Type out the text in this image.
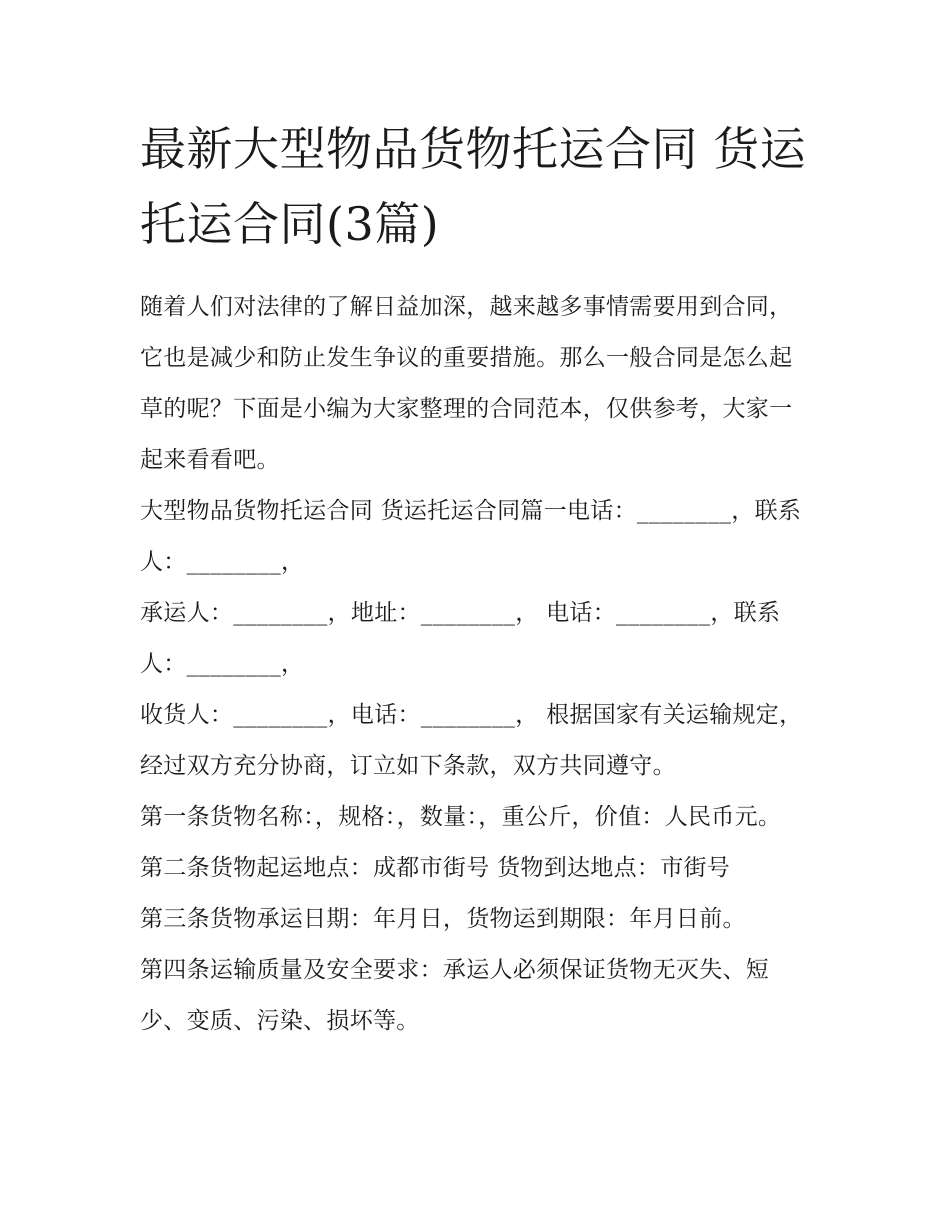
最新大型物品货物托运合同 货运托运合同(3篇)

随着人们对法律的了解日益加深，越来越多事情需要用到合同，它也是减少和防止发生争议的重要措施。那么一般合同是怎么起草的呢？下面是小编为大家整理的合同范本，仅供参考，大家一起来看看吧。

大型物品货物托运合同 货运托运合同篇一电话：________，联系人：________，

承运人：________，地址：________， 电话：________，联系人：________，

收货人：________，电话：________， 根据国家有关运输规定，经过双方充分协商，订立如下条款，双方共同遵守。

第一条货物名称：，规格：，数量：，重公斤，价值：人民币元。 第二条货物起运地点：成都市街号 货物到达地点：市街号

第三条货物承运日期：年月日，货物运到期限：年月日前。

第四条运输质量及安全要求：承运人必须保证货物无灭失、短少、变质、污染、损坏等。
